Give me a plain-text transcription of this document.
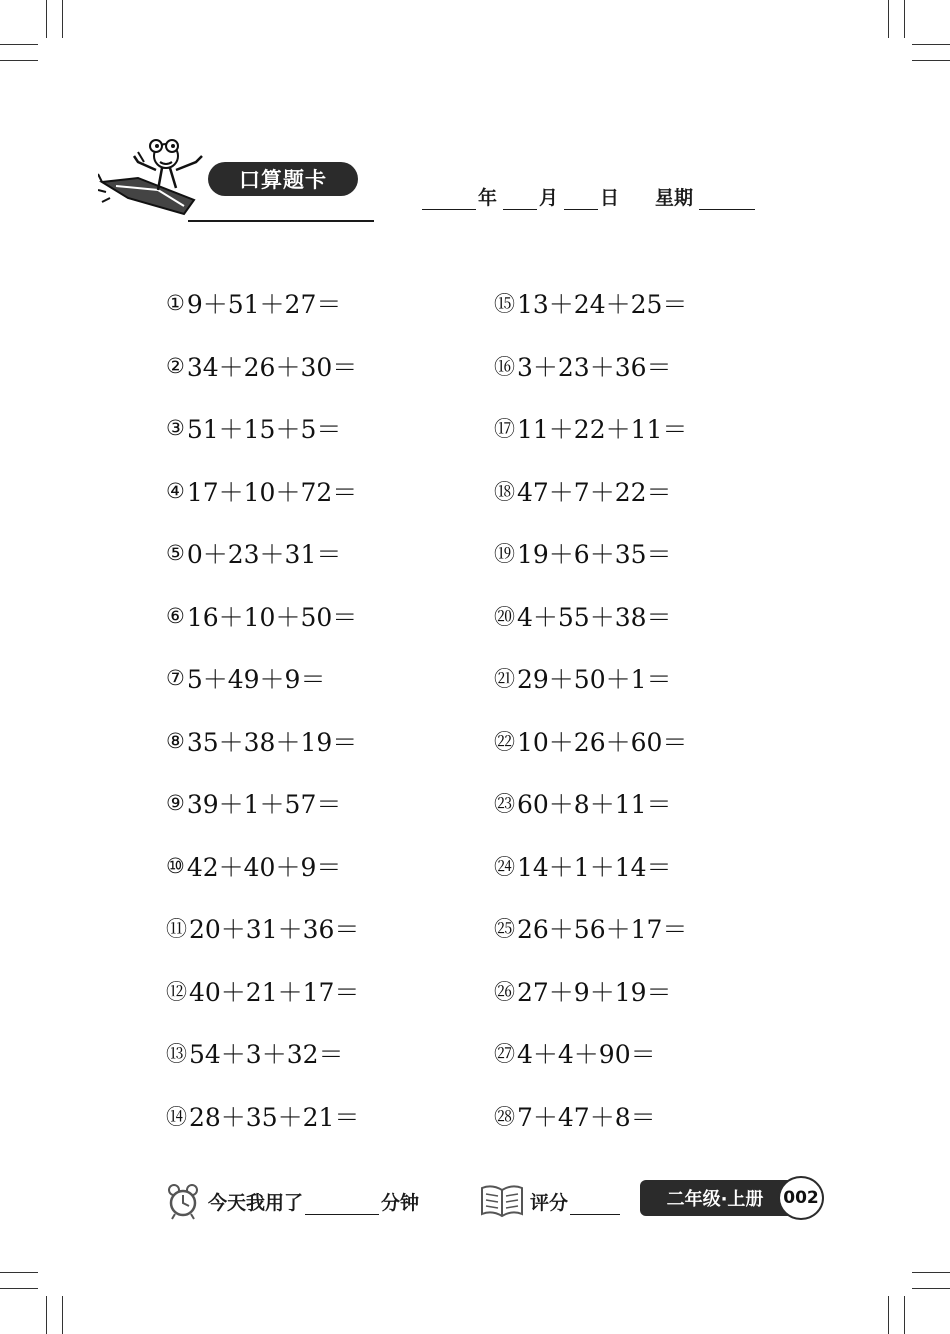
口算题卡
年 月 日 星期
① 9＋51＋27＝
② 34＋26＋30＝
③ 51＋15＋5＝
④ 17＋10＋72＝
⑤ 0＋23＋31＝
⑥ 16＋10＋50＝
⑦ 5＋49＋9＝
⑧ 35＋38＋19＝
⑨ 39＋1＋57＝
⑩ 42＋40＋9＝
⑪ 20＋31＋36＝
⑫ 40＋21＋17＝
⑬ 54＋3＋32＝
⑭ 28＋35＋21＝
⑮ 13＋24＋25＝
⑯ 3＋23＋36＝
⑰ 11＋22＋11＝
⑱ 47＋7＋22＝
⑲ 19＋6＋35＝
⑳ 4＋55＋38＝
㉑ 29＋50＋1＝
㉒ 10＋26＋60＝
㉓ 60＋8＋11＝
㉔ 14＋1＋14＝
㉕ 26＋56＋17＝
㉖ 27＋9＋19＝
㉗ 4＋4＋90＝
㉘ 7＋47＋8＝
今天我用了	分钟	评分	二年级·上册	002
